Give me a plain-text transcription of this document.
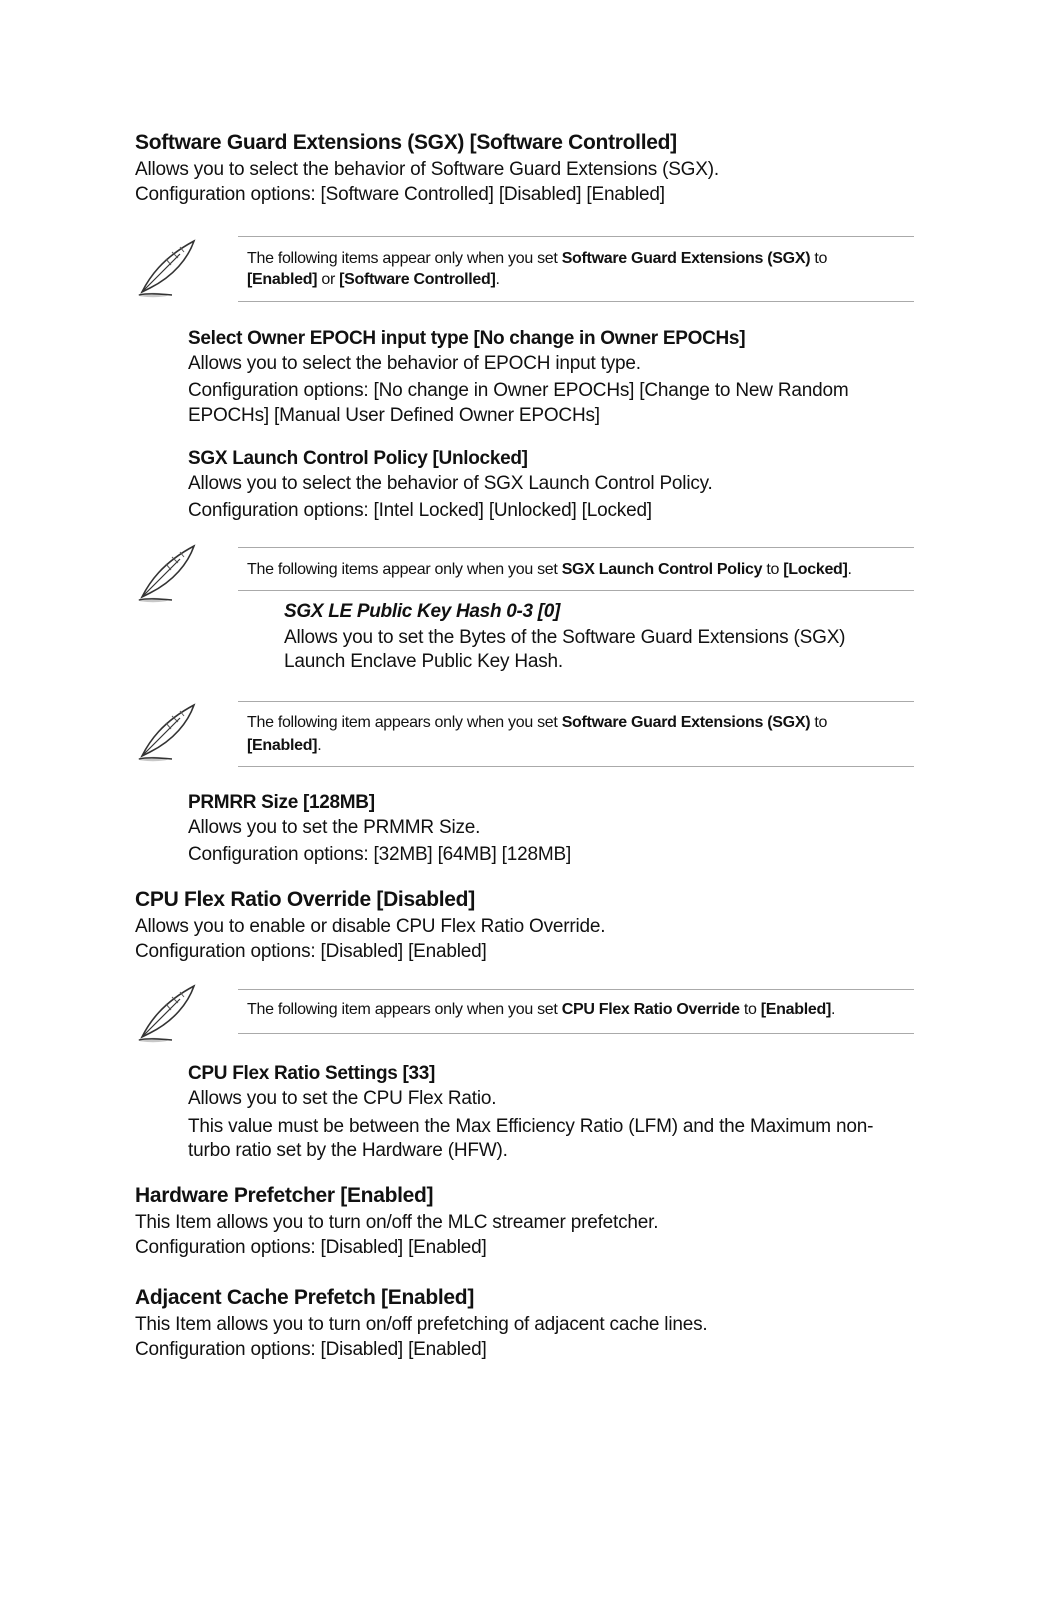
Software Guard Extensions (SGX) [Software Controlled]
Allows you to select the behavior of Software Guard Extensions (SGX).
Configuration options: [Software Controlled] [Disabled] [Enabled]
The following items appear only when you set Software Guard Extensions (SGX) to
[Enabled] or [Software Controlled].
Select Owner EPOCH input type [No change in Owner EPOCHs]
Allows you to select the behavior of EPOCH input type.
Configuration options: [No change in Owner EPOCHs] [Change to New Random
EPOCHs] [Manual User Defined Owner EPOCHs]
SGX Launch Control Policy [Unlocked]
Allows you to select the behavior of SGX Launch Control Policy.
Configuration options: [Intel Locked] [Unlocked] [Locked]
The following items appear only when you set SGX Launch Control Policy to [Locked].
SGX LE Public Key Hash 0-3 [0]
Allows you to set the Bytes of the Software Guard Extensions (SGX)
Launch Enclave Public Key Hash.
The following item appears only when you set Software Guard Extensions (SGX) to
[Enabled].
PRMRR Size [128MB]
Allows you to set the PRMMR Size.
Configuration options: [32MB] [64MB] [128MB]
CPU Flex Ratio Override [Disabled]
Allows you to enable or disable CPU Flex Ratio Override.
Configuration options: [Disabled] [Enabled]
The following item appears only when you set CPU Flex Ratio Override to [Enabled].
CPU Flex Ratio Settings [33]
Allows you to set the CPU Flex Ratio.
This value must be between the Max Efficiency Ratio (LFM) and the Maximum non-
turbo ratio set by the Hardware (HFW).
Hardware Prefetcher [Enabled]
This Item allows you to turn on/off the MLC streamer prefetcher.
Configuration options: [Disabled] [Enabled]
Adjacent Cache Prefetch [Enabled]
This Item allows you to turn on/off prefetching of adjacent cache lines.
Configuration options: [Disabled] [Enabled]
